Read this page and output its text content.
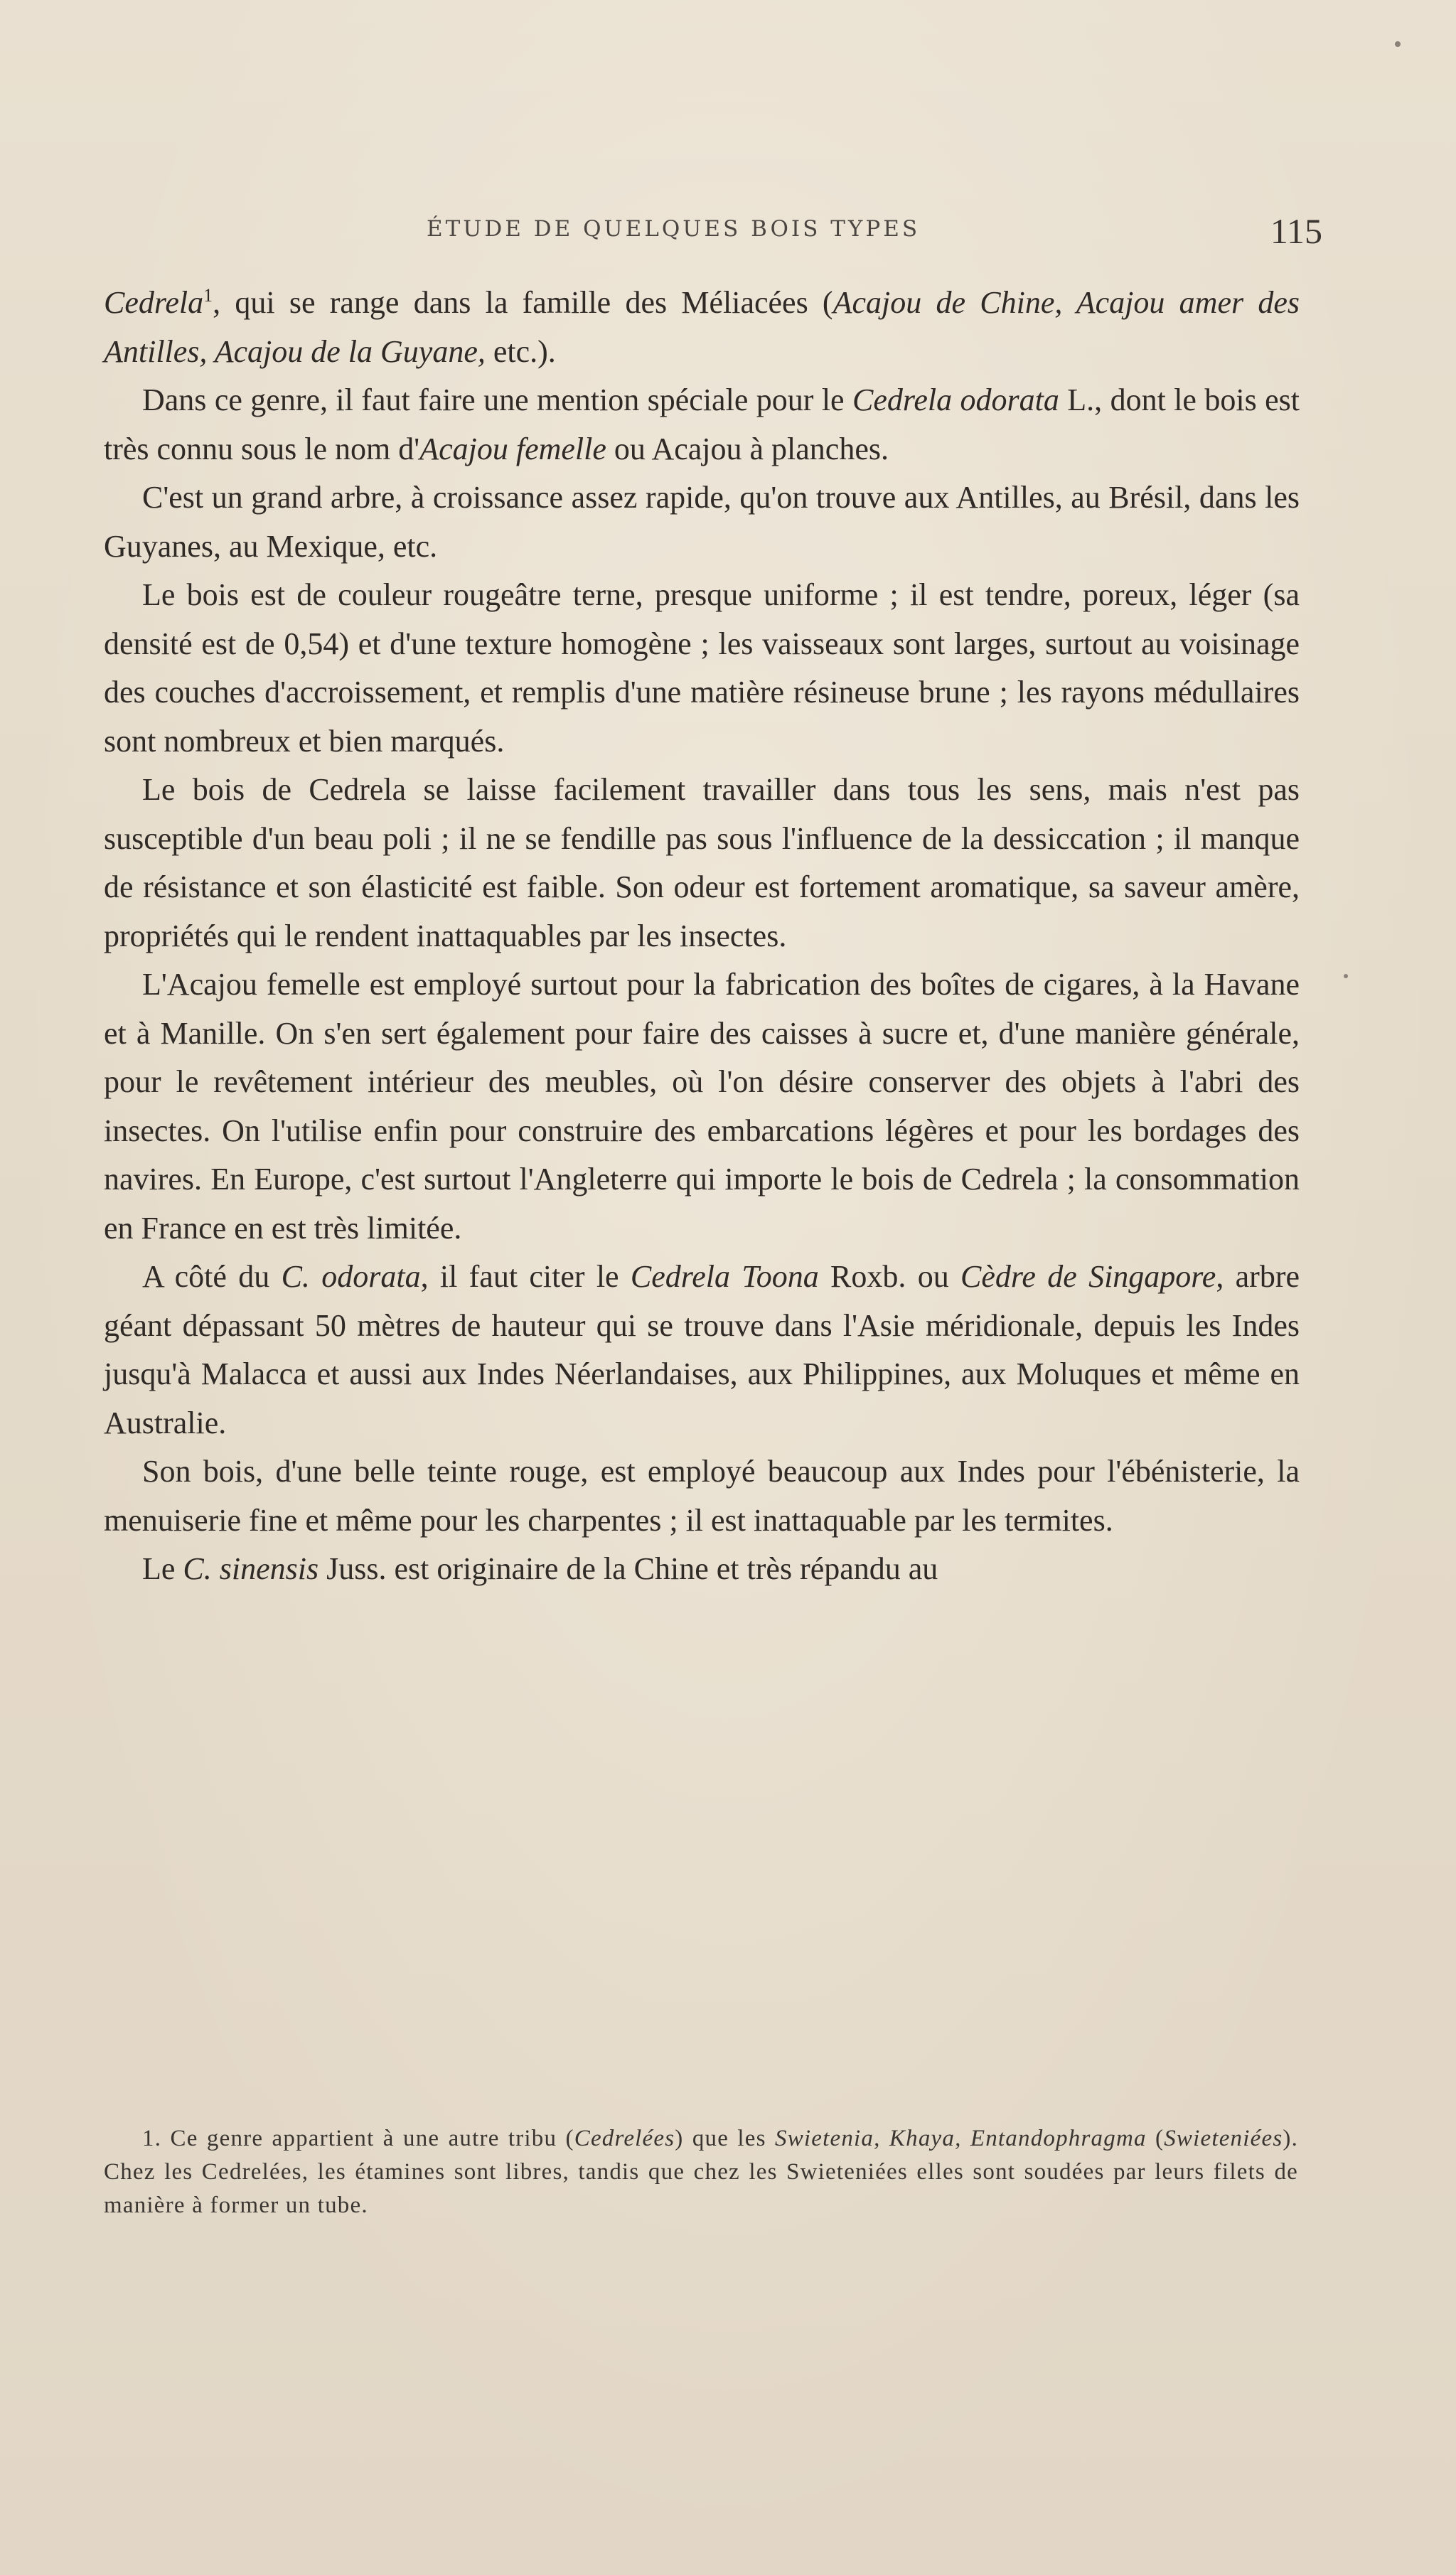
ÉTUDE DE QUELQUES BOIS TYPES	115

Cedrela$^1$, qui se range dans la famille des Méliacées (Acajou de Chine, Acajou amer des Antilles, Acajou de la Guyane, etc.).

Dans ce genre, il faut faire une mention spéciale pour le Cedrela odorata L., dont le bois est très connu sous le nom d'Acajou femelle ou Acajou à planches.

C'est un grand arbre, à croissance assez rapide, qu'on trouve aux Antilles, au Brésil, dans les Guyanes, au Mexique, etc.

Le bois est de couleur rougeâtre terne, presque uniforme ; il est tendre, poreux, léger (sa densité est de 0,54) et d'une texture homogène ; les vaisseaux sont larges, surtout au voisinage des couches d'accroissement, et remplis d'une matière résineuse brune ; les rayons médullaires sont nombreux et bien marqués.

Le bois de Cedrela se laisse facilement travailler dans tous les sens, mais n'est pas susceptible d'un beau poli ; il ne se fendille pas sous l'influence de la dessiccation ; il manque de résistance et son élasticité est faible. Son odeur est fortement aromatique, sa saveur amère, propriétés qui le rendent inattaquables par les insectes.

L'Acajou femelle est employé surtout pour la fabrication des boîtes de cigares, à la Havane et à Manille. On s'en sert également pour faire des caisses à sucre et, d'une manière générale, pour le revêtement intérieur des meubles, où l'on désire conserver des objets à l'abri des insectes. On l'utilise enfin pour construire des embarcations légères et pour les bordages des navires. En Europe, c'est surtout l'Angleterre qui importe le bois de Cedrela ; la consommation en France en est très limitée.

A côté du C. odorata, il faut citer le Cedrela Toona Roxb. ou Cèdre de Singapore, arbre géant dépassant 50 mètres de hauteur qui se trouve dans l'Asie méridionale, depuis les Indes jusqu'à Malacca et aussi aux Indes Néerlandaises, aux Philippines, aux Moluques et même en Australie.

Son bois, d'une belle teinte rouge, est employé beaucoup aux Indes pour l'ébénisterie, la menuiserie fine et même pour les charpentes ; il est inattaquable par les termites.

Le C. sinensis Juss. est originaire de la Chine et très répandu au

1. Ce genre appartient à une autre tribu (Cedrelées) que les Swietenia, Khaya, Entandophragma (Swieteniées). Chez les Cedrelées, les étamines sont libres, tandis que chez les Swieteniées elles sont soudées par leurs filets de manière à former un tube.
